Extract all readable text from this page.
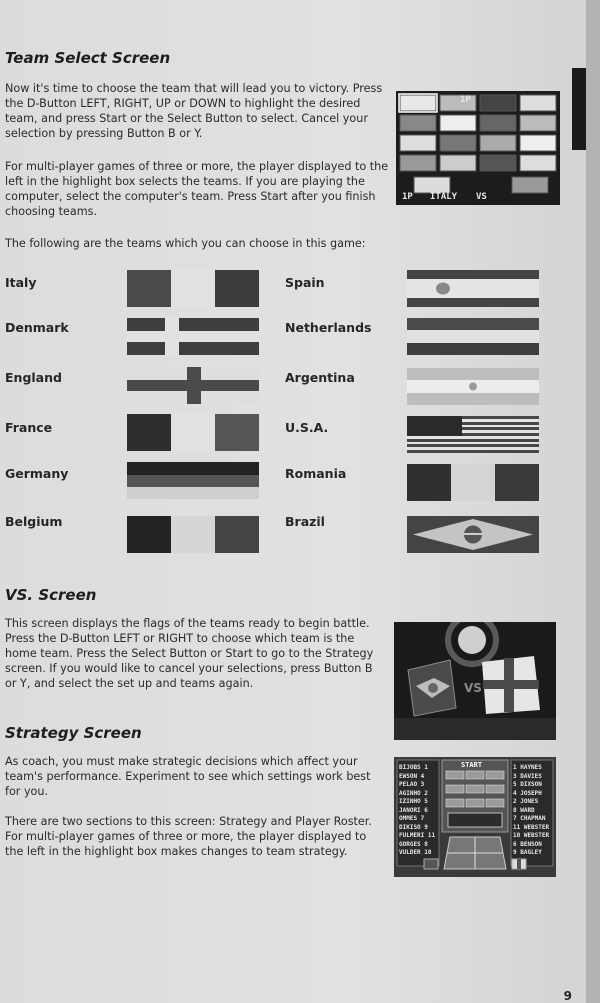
Team Select Screen

Now it's time to choose the team that will lead you to victory. Press the D-Button LEFT, RIGHT, UP or DOWN to highlight the desired team, and press Start or the Select Button to select. Cancel your selection by pressing Button B or Y.

For multi-player games of three or more, the player displayed to the left in the highlight box selects the teams. If you are playing the computer, select the computer's team. Press Start after you finish choosing teams.

The following are the teams which you can choose in this game:

1P
1P ITALY VS
Italy
Denmark
England
France
Germany
Belgium
Spain
Netherlands
Argentina
U.S.A.
Romania
Brazil
VS. Screen

This screen displays the flags of the teams ready to begin battle. Press the D-Button LEFT or RIGHT to choose which team is the home team. Press the Select Button or Start to go to the Strategy screen. If you would like to cancel your selections, press Button B or Y, and select the set up and teams again.	VS
Strategy Screen

As coach, you must make strategic decisions which affect your team's performance. Experiment to see which settings work best for you.

There are two sections to this screen: Strategy and Player Roster. For multi-player games of three or more, the player displayed to the left in the highlight box makes changes to team strategy.

START
BIJOBS 1
EWSON 4
PELAO 3
AGINHO 2
IZINHO 5
JANORI 6
OMMES 7
DIKISO 9
FULMERI 11
GORGES 8
VULDER 10
1 HAYNES
3 DAVIES
5 DIXSON
4 JOSEPH
2 JONES
8 WARD
7 CHAPMAN
11 WEBSTER
10 WEBSTER
6 BENSON
9 BAGLEY
9
